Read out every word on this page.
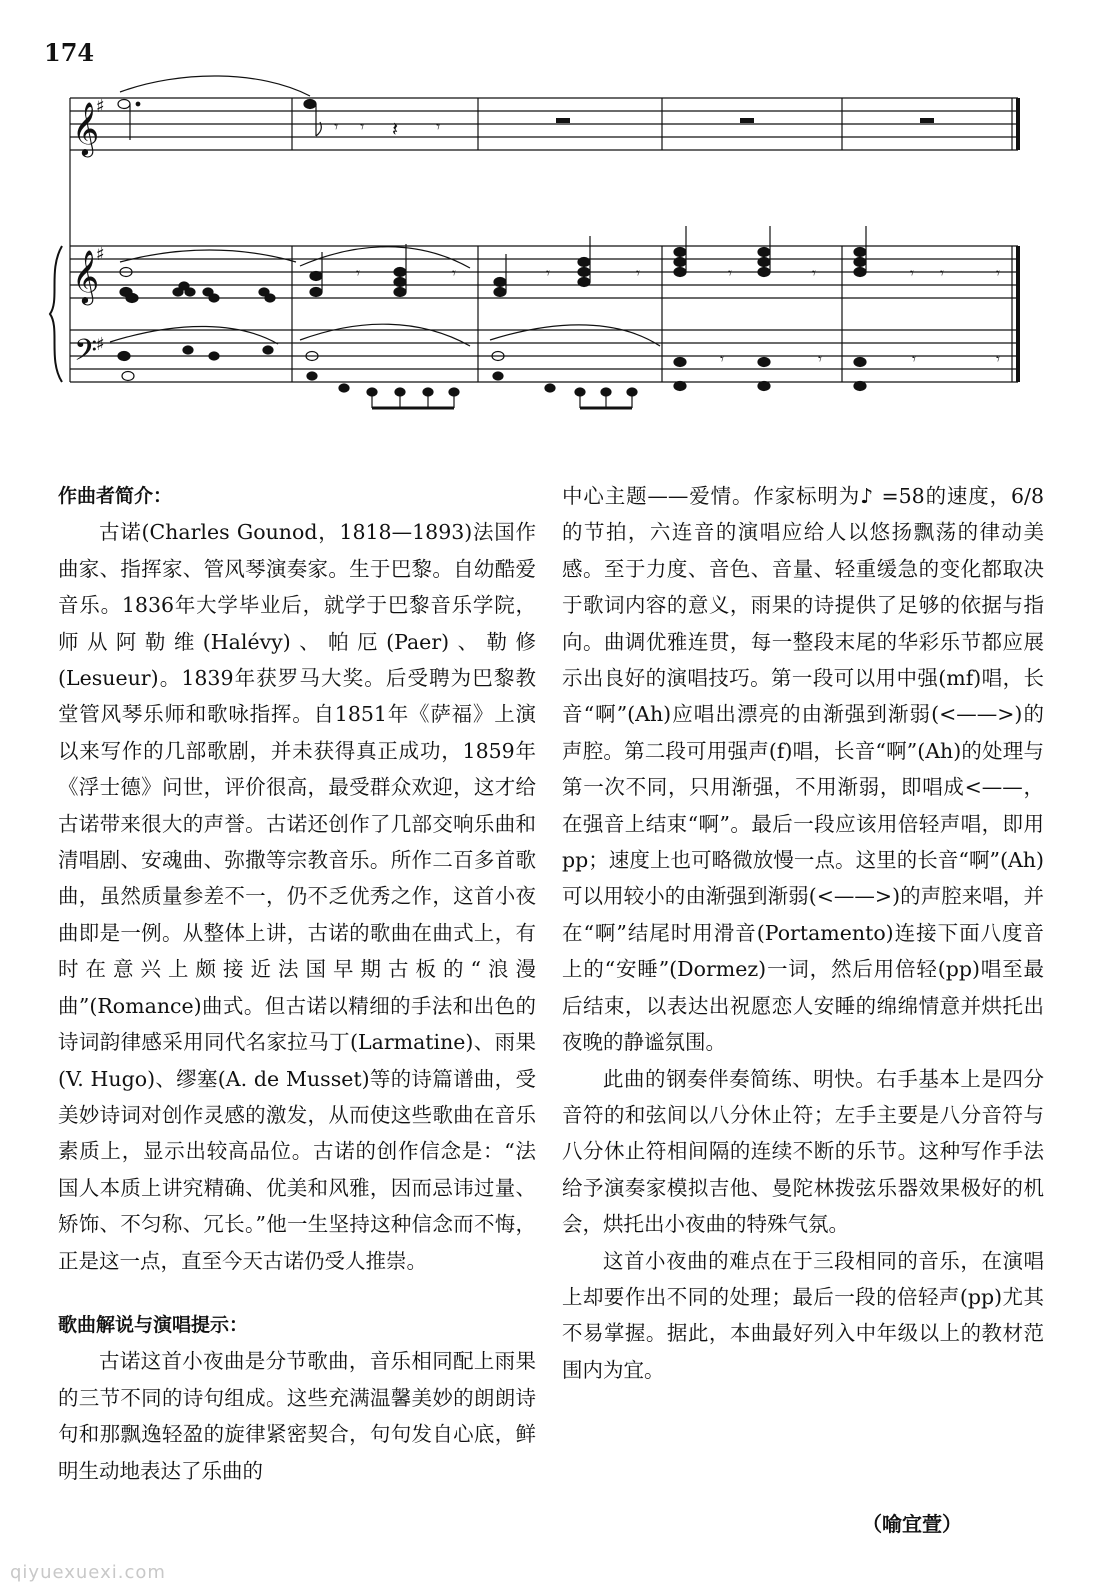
174
𝄞
𝄞
𝄢
♯
♯
♯
𝄾 𝄾 𝄽 𝄾
𝄾	𝄾	𝄾	𝄾	𝄾	𝄾	𝄾 𝄾	𝄾
𝄾	𝄾	𝄾	𝄾

作曲者简介：

古诺(Charles Gounod，1818—1893)法国作曲家、指挥家、管风琴演奏家。生于巴黎。自幼酷爱音乐。1836年大学毕业后，就学于巴黎音乐学院，师从阿勒维(Halévy)、帕厄(Paer)、勒修(Lesueur)。1839年获罗马大奖。后受聘为巴黎教堂管风琴乐师和歌咏指挥。自1851年《萨福》上演以来写作的几部歌剧，并未获得真正成功，1859年《浮士德》问世，评价很高，最受群众欢迎，这才给古诺带来很大的声誉。古诺还创作了几部交响乐曲和清唱剧、安魂曲、弥撒等宗教音乐。所作二百多首歌曲，虽然质量参差不一，仍不乏优秀之作，这首小夜曲即是一例。从整体上讲，古诺的歌曲在曲式上，有时在意兴上颇接近法国早期古板的“浪漫曲”(Romance)曲式。但古诺以精细的手法和出色的诗词韵律感采用同代名家拉马丁(Larmatine)、雨果(V. Hugo)、缪塞(A. de Musset)等的诗篇谱曲，受美妙诗词对创作灵感的激发，从而使这些歌曲在音乐素质上，显示出较高品位。古诺的创作信念是：“法国人本质上讲究精确、优美和风雅，因而忌讳过量、矫饰、不匀称、冗长。”他一生坚持这种信念而不悔，正是这一点，直至今天古诺仍受人推崇。

歌曲解说与演唱提示：

古诺这首小夜曲是分节歌曲，音乐相同配上雨果的三节不同的诗句组成。这些充满温馨美妙的朗朗诗句和那飘逸轻盈的旋律紧密契合，句句发自心底，鲜明生动地表达了乐曲的

中心主题——爱情。作家标明为♪ =58的速度，6/8的节拍，六连音的演唱应给人以悠扬飘荡的律动美感。至于力度、音色、音量、轻重缓急的变化都取决于歌词内容的意义，雨果的诗提供了足够的依据与指向。曲调优雅连贯，每一整段末尾的华彩乐节都应展示出良好的演唱技巧。第一段可以用中强(mf)唱，长音“啊”(Ah)应唱出漂亮的由渐强到渐弱(<——>)的声腔。第二段可用强声(f)唱，长音“啊”(Ah)的处理与第一次不同，只用渐强，不用渐弱，即唱成<——，在强音上结束“啊”。最后一段应该用倍轻声唱，即用pp；速度上也可略微放慢一点。这里的长音“啊”(Ah)可以用较小的由渐强到渐弱(<——>)的声腔来唱，并在“啊”结尾时用滑音(Portamento)连接下面八度音上的“安睡”(Dormez)一词，然后用倍轻(pp)唱至最后结束，以表达出祝愿恋人安睡的绵绵情意并烘托出夜晚的静谧氛围。

此曲的钢奏伴奏简练、明快。右手基本上是四分音符的和弦间以八分休止符；左手主要是八分音符与八分休止符相间隔的连续不断的乐节。这种写作手法给予演奏家模拟吉他、曼陀林拨弦乐器效果极好的机会，烘托出小夜曲的特殊气氛。

这首小夜曲的难点在于三段相同的音乐，在演唱上却要作出不同的处理；最后一段的倍轻声(pp)尤其不易掌握。据此，本曲最好列入中年级以上的教材范围内为宜。

（喻宜萱）
qiyuexuexi.com
